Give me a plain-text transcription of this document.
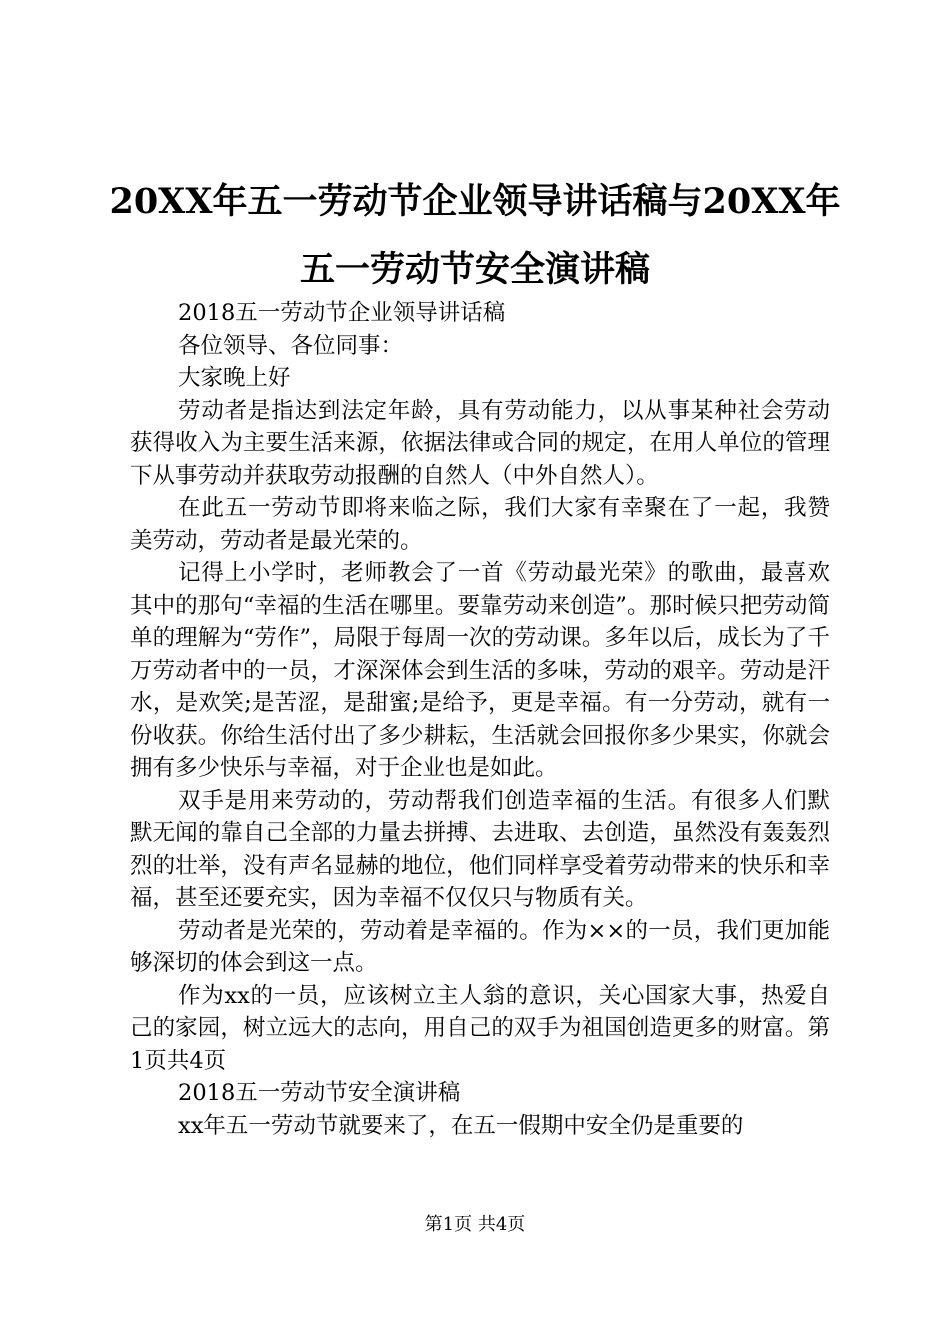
20XX年五一劳动节企业领导讲话稿与20XX年
五一劳动节安全演讲稿

2018五一劳动节企业领导讲话稿

各位领导、各位同事：

大家晚上好

劳动者是指达到法定年龄，具有劳动能力，以从事某种社会劳动获得收入为主要生活来源，依据法律或合同的规定，在用人单位的管理下从事劳动并获取劳动报酬的自然人（中外自然人）。

在此五一劳动节即将来临之际，我们大家有幸聚在了一起，我赞美劳动，劳动者是最光荣的。

记得上小学时，老师教会了一首《劳动最光荣》的歌曲，最喜欢其中的那句“幸福的生活在哪里。要靠劳动来创造”。那时候只把劳动简单的理解为“劳作”，局限于每周一次的劳动课。多年以后，成长为了千万劳动者中的一员，才深深体会到生活的多味，劳动的艰辛。劳动是汗水，是欢笑;是苦涩，是甜蜜;是给予，更是幸福。有一分劳动，就有一份收获。你给生活付出了多少耕耘，生活就会回报你多少果实，你就会拥有多少快乐与幸福，对于企业也是如此。

双手是用来劳动的，劳动帮我们创造幸福的生活。有很多人们默默无闻的靠自己全部的力量去拼搏、去进取、去创造，虽然没有轰轰烈烈的壮举，没有声名显赫的地位，他们同样享受着劳动带来的快乐和幸福，甚至还要充实，因为幸福不仅仅只与物质有关。

劳动者是光荣的，劳动着是幸福的。作为××的一员，我们更加能够深切的体会到这一点。

作为xx的一员，应该树立主人翁的意识，关心国家大事，热爱自己的家园，树立远大的志向，用自己的双手为祖国创造更多的财富。第1页共4页

2018五一劳动节安全演讲稿

xx年五一劳动节就要来了，在五一假期中安全仍是重要的

第1页 共4页
